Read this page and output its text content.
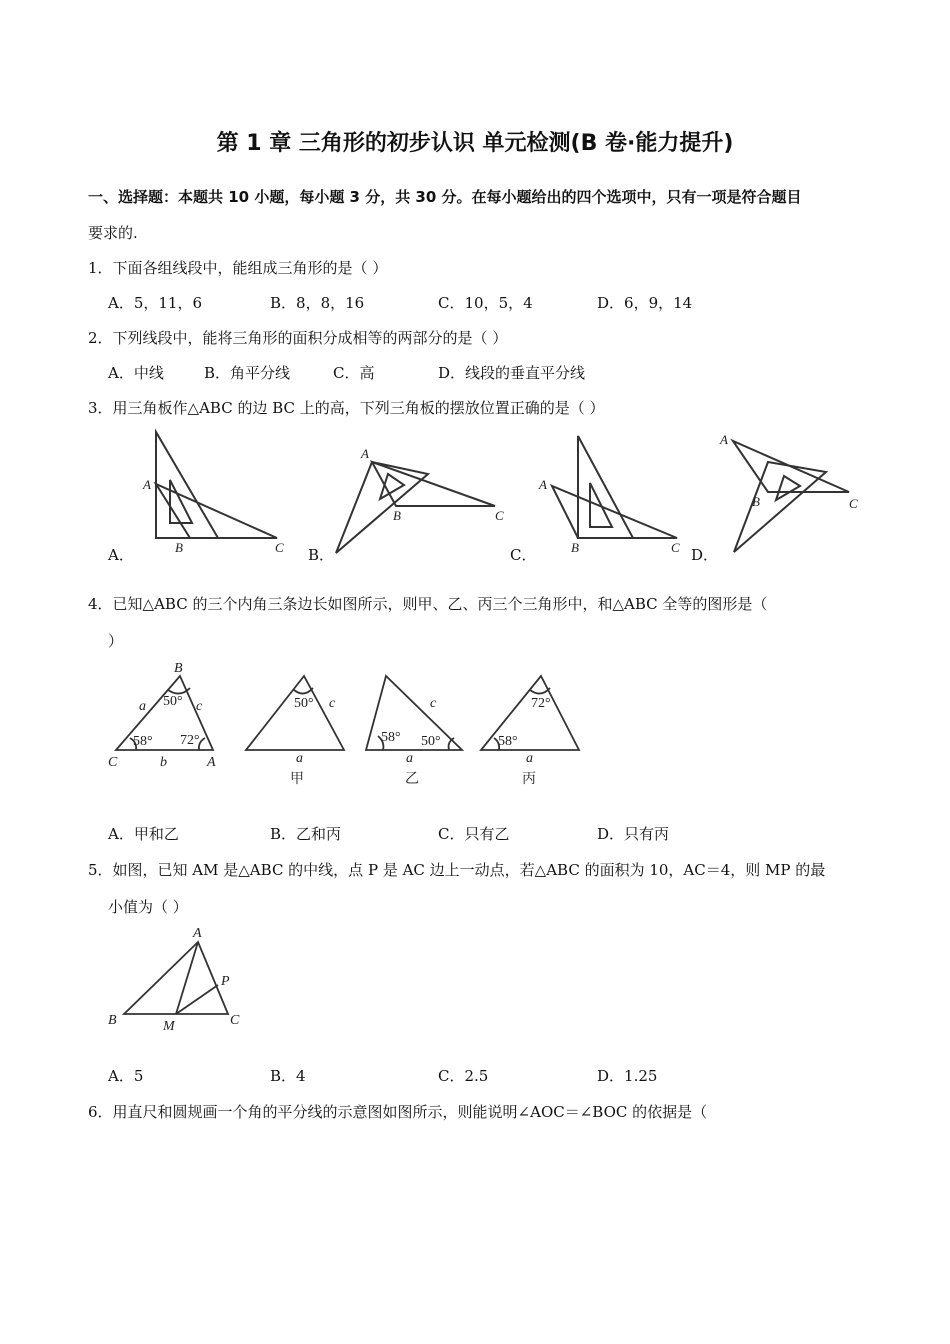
第 1 章 三角形的初步认识 单元检测(B 卷·能力提升)
一、选择题：本题共 10 小题，每小题 3 分，共 30 分。在每小题给出的四个选项中，只有一项是符合题目
要求的.
1．下面各组线段中，能组成三角形的是（ ）
A．5，11，6	B．8，8，16	C．10，5，4	D．6，9，14
2．下列线段中，能将三角形的面积分成相等的两部分的是（ ）
A．中线	B．角平分线	C．高	D．线段的垂直平分线
3．用三角板作△ABC 的边 BC 上的高，下列三角板的摆放位置正确的是（ ）
A．	B．	C．	D．
A
B	C
A
B	C
A
B	C
A
B	C
B
C	A
a	c
b
50°
58° 72°
50° c
a
甲
c
58° 50°
a
乙
72°
58°
a
丙
A
B	M	C
P
4．已知△ABC 的三个内角三条边长如图所示，则甲、乙、丙三个三角形中，和△ABC 全等的图形是（
）
A．甲和乙	B．乙和丙	C．只有乙	D．只有丙
5．如图，已知 AM 是△ABC 的中线，点 P 是 AC 边上一动点，若△ABC 的面积为 10，AC＝4，则 MP 的最
小值为（ ）
A．5	B．4	C．2.5	D．1.25
6．用直尺和圆规画一个角的平分线的示意图如图所示，则能说明∠AOC＝∠BOC 的依据是（
